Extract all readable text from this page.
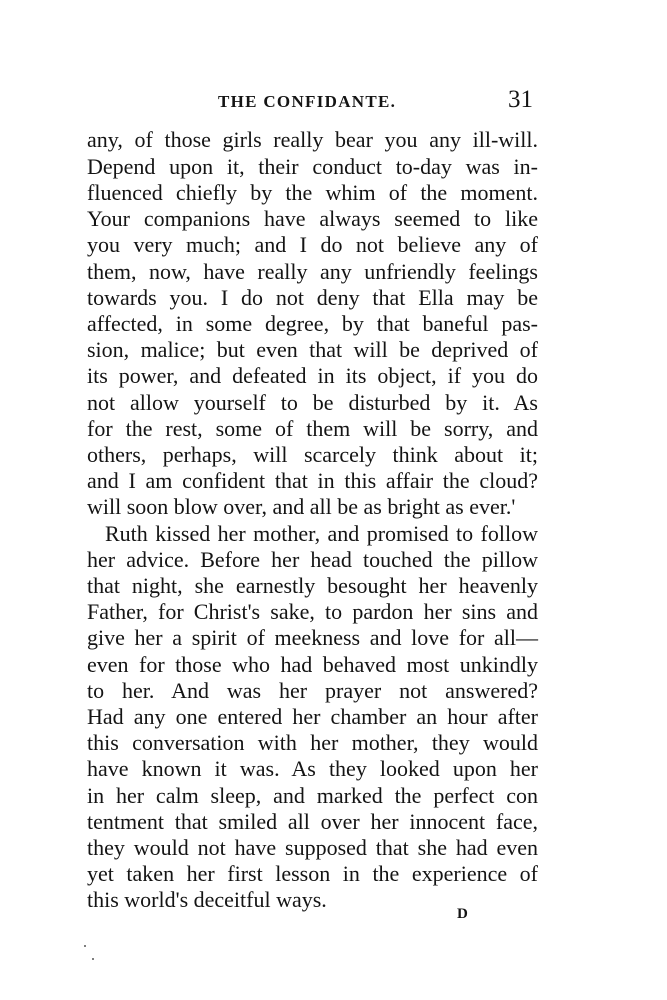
THE CONFIDANTE.	31
any, of those girls really bear you any ill-will.
Depend upon it, their conduct to-day was in-
fluenced chiefly by the whim of the moment.
Your companions have always seemed to like
you very much; and I do not believe any of
them, now, have really any unfriendly feelings
towards you. I do not deny that Ella may be
affected, in some degree, by that baneful pas-
sion, malice; but even that will be deprived of
its power, and defeated in its object, if you do
not allow yourself to be disturbed by it. As
for the rest, some of them will be sorry, and
others, perhaps, will scarcely think about it;
and I am confident that in this affair the cloud?
will soon blow over, and all be as bright as ever.'
Ruth kissed her mother, and promised to follow
her advice. Before her head touched the pillow
that night, she earnestly besought her heavenly
Father, for Christ's sake, to pardon her sins and
give her a spirit of meekness and love for all—
even for those who had behaved most unkindly
to her. And was her prayer not answered?
Had any one entered her chamber an hour after
this conversation with her mother, they would
have known it was. As they looked upon her
in her calm sleep, and marked the perfect con
tentment that smiled all over her innocent face,
they would not have supposed that she had even
yet taken her first lesson in the experience of
this world's deceitful ways.
D
